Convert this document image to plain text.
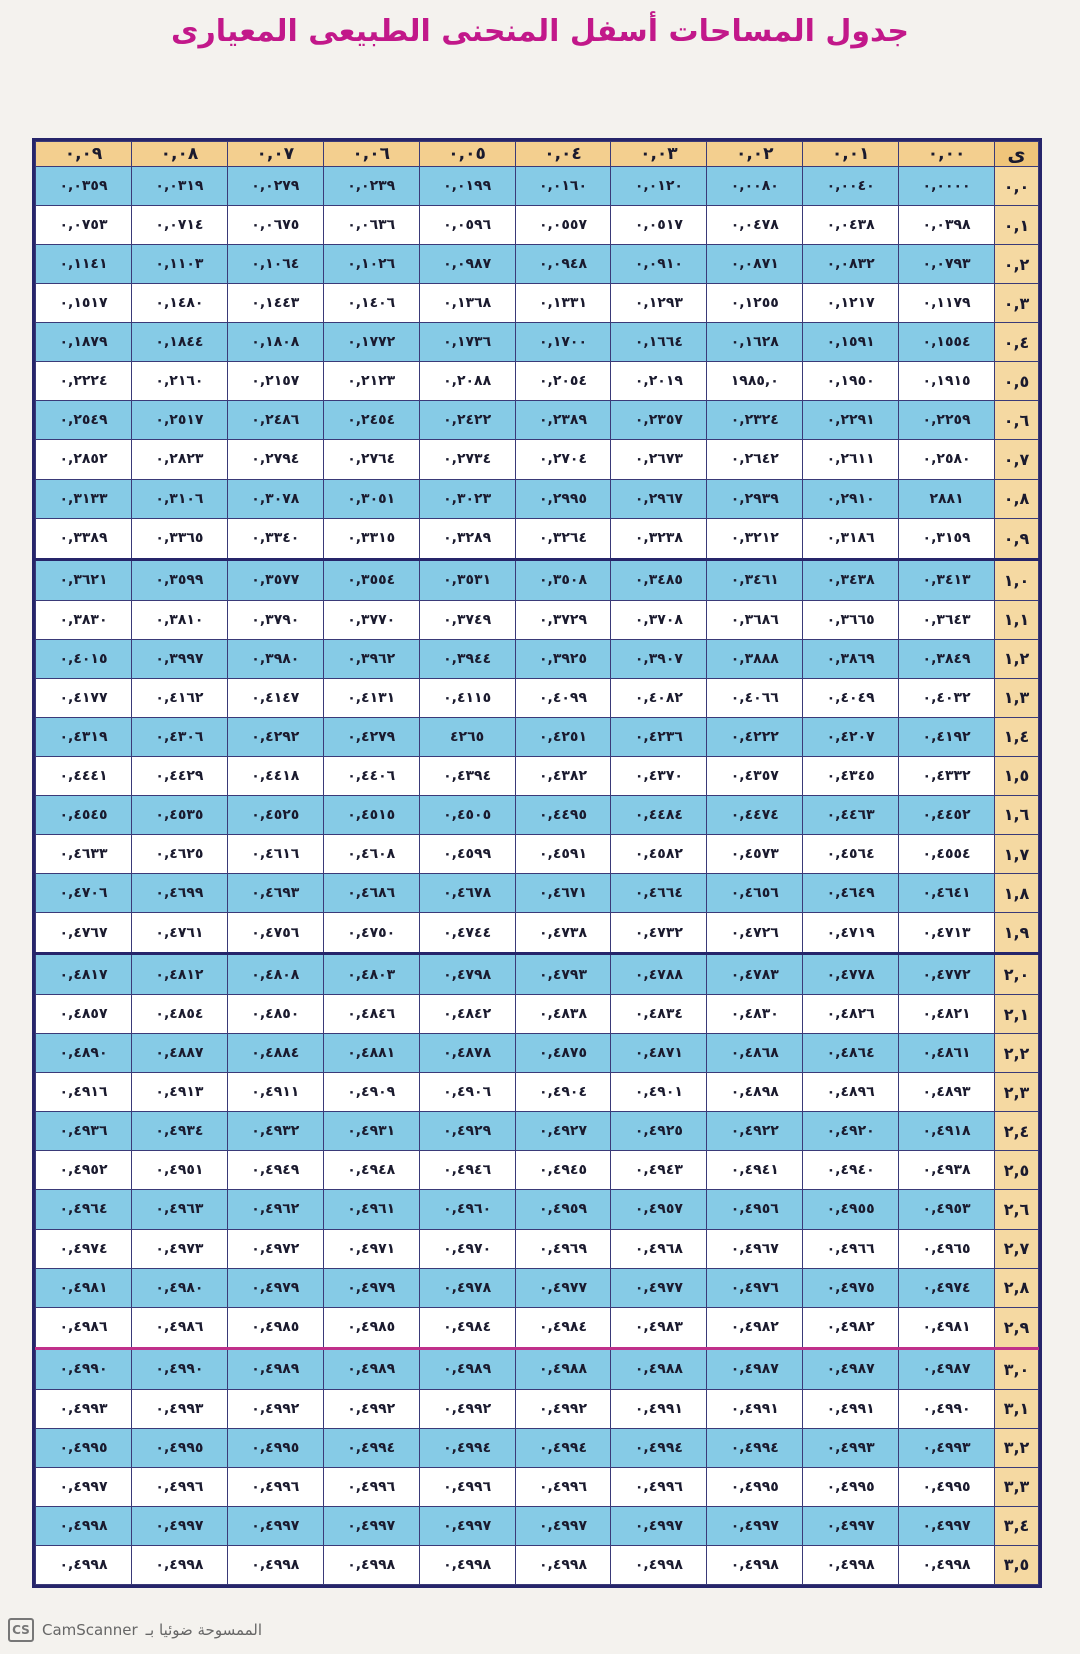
جدول المساحات أسفل المنحنى الطبيعى المعيارى
ى	٠,٠٠	٠,٠١	٠,٠٢	٠,٠٣	٠,٠٤	٠,٠٥	٠,٠٦	٠,٠٧	٠,٠٨	٠,٠٩
٠,٠	٠,٠٠٠٠	٠,٠٠٤٠	٠,٠٠٨٠	٠,٠١٢٠	٠,٠١٦٠	٠,٠١٩٩	٠,٠٢٣٩	٠,٠٢٧٩	٠,٠٣١٩	٠,٠٣٥٩
٠,١	٠,٠٣٩٨	٠,٠٤٣٨	٠,٠٤٧٨	٠,٠٥١٧	٠,٠٥٥٧	٠,٠٥٩٦	٠,٠٦٣٦	٠,٠٦٧٥	٠,٠٧١٤	٠,٠٧٥٣
٠,٢	٠,٠٧٩٣	٠,٠٨٣٢	٠,٠٨٧١	٠,٠٩١٠	٠,٠٩٤٨	٠,٠٩٨٧	٠,١٠٢٦	٠,١٠٦٤	٠,١١٠٣	٠,١١٤١
٠,٣	٠,١١٧٩	٠,١٢١٧	٠,١٢٥٥	٠,١٢٩٣	٠,١٣٣١	٠,١٣٦٨	٠,١٤٠٦	٠,١٤٤٣	٠,١٤٨٠	٠,١٥١٧
٠,٤	٠,١٥٥٤	٠,١٥٩١	٠,١٦٢٨	٠,١٦٦٤	٠,١٧٠٠	٠,١٧٣٦	٠,١٧٧٢	٠,١٨٠٨	٠,١٨٤٤	٠,١٨٧٩
٠,٥	٠,١٩١٥	٠,١٩٥٠	١٩٨٥,٠	٠,٢٠١٩	٠,٢٠٥٤	٠,٢٠٨٨	٠,٢١٢٣	٠,٢١٥٧	٠,٢١٦٠	٠,٢٢٢٤
٠,٦	٠,٢٢٥٩	٠,٢٢٩١	٠,٢٣٢٤	٠,٢٣٥٧	٠,٢٣٨٩	٠,٢٤٢٢	٠,٢٤٥٤	٠,٢٤٨٦	٠,٢٥١٧	٠,٢٥٤٩
٠,٧	٠,٢٥٨٠	٠,٢٦١١	٠,٢٦٤٢	٠,٢٦٧٣	٠,٢٧٠٤	٠,٢٧٣٤	٠,٢٧٦٤	٠,٢٧٩٤	٠,٢٨٢٣	٠,٢٨٥٢
٠,٨	٢٨٨١	٠,٢٩١٠	٠,٢٩٣٩	٠,٢٩٦٧	٠,٢٩٩٥	٠,٣٠٢٣	٠,٣٠٥١	٠,٣٠٧٨	٠,٣١٠٦	٠,٣١٣٣
٠,٩	٠,٣١٥٩	٠,٣١٨٦	٠,٣٢١٢	٠,٣٢٣٨	٠,٣٢٦٤	٠,٣٢٨٩	٠,٣٣١٥	٠,٣٣٤٠	٠,٣٣٦٥	٠,٣٣٨٩
١,٠	٠,٣٤١٣	٠,٣٤٣٨	٠,٣٤٦١	٠,٣٤٨٥	٠,٣٥٠٨	٠,٣٥٣١	٠,٣٥٥٤	٠,٣٥٧٧	٠,٣٥٩٩	٠,٣٦٢١
١,١	٠,٣٦٤٣	٠,٣٦٦٥	٠,٣٦٨٦	٠,٣٧٠٨	٠,٣٧٢٩	٠,٣٧٤٩	٠,٣٧٧٠	٠,٣٧٩٠	٠,٣٨١٠	٠,٣٨٣٠
١,٢	٠,٣٨٤٩	٠,٣٨٦٩	٠,٣٨٨٨	٠,٣٩٠٧	٠,٣٩٢٥	٠,٣٩٤٤	٠,٣٩٦٢	٠,٣٩٨٠	٠,٣٩٩٧	٠,٤٠١٥
١,٣	٠,٤٠٣٢	٠,٤٠٤٩	٠,٤٠٦٦	٠,٤٠٨٢	٠,٤٠٩٩	٠,٤١١٥	٠,٤١٣١	٠,٤١٤٧	٠,٤١٦٢	٠,٤١٧٧
١,٤	٠,٤١٩٢	٠,٤٢٠٧	٠,٤٢٢٢	٠,٤٢٣٦	٠,٤٢٥١	٤٢٦٥	٠,٤٢٧٩	٠,٤٢٩٢	٠,٤٣٠٦	٠,٤٣١٩
١,٥	٠,٤٣٣٢	٠,٤٣٤٥	٠,٤٣٥٧	٠,٤٣٧٠	٠,٤٣٨٢	٠,٤٣٩٤	٠,٤٤٠٦	٠,٤٤١٨	٠,٤٤٢٩	٠,٤٤٤١
١,٦	٠,٤٤٥٢	٠,٤٤٦٣	٠,٤٤٧٤	٠,٤٤٨٤	٠,٤٤٩٥	٠,٤٥٠٥	٠,٤٥١٥	٠,٤٥٢٥	٠,٤٥٣٥	٠,٤٥٤٥
١,٧	٠,٤٥٥٤	٠,٤٥٦٤	٠,٤٥٧٣	٠,٤٥٨٢	٠,٤٥٩١	٠,٤٥٩٩	٠,٤٦٠٨	٠,٤٦١٦	٠,٤٦٢٥	٠,٤٦٣٣
١,٨	٠,٤٦٤١	٠,٤٦٤٩	٠,٤٦٥٦	٠,٤٦٦٤	٠,٤٦٧١	٠,٤٦٧٨	٠,٤٦٨٦	٠,٤٦٩٣	٠,٤٦٩٩	٠,٤٧٠٦
١,٩	٠,٤٧١٣	٠,٤٧١٩	٠,٤٧٢٦	٠,٤٧٣٢	٠,٤٧٣٨	٠,٤٧٤٤	٠,٤٧٥٠	٠,٤٧٥٦	٠,٤٧٦١	٠,٤٧٦٧
٢,٠	٠,٤٧٧٢	٠,٤٧٧٨	٠,٤٧٨٣	٠,٤٧٨٨	٠,٤٧٩٣	٠,٤٧٩٨	٠,٤٨٠٣	٠,٤٨٠٨	٠,٤٨١٢	٠,٤٨١٧
٢,١	٠,٤٨٢١	٠,٤٨٢٦	٠,٤٨٣٠	٠,٤٨٣٤	٠,٤٨٣٨	٠,٤٨٤٢	٠,٤٨٤٦	٠,٤٨٥٠	٠,٤٨٥٤	٠,٤٨٥٧
٢,٢	٠,٤٨٦١	٠,٤٨٦٤	٠,٤٨٦٨	٠,٤٨٧١	٠,٤٨٧٥	٠,٤٨٧٨	٠,٤٨٨١	٠,٤٨٨٤	٠,٤٨٨٧	٠,٤٨٩٠
٢,٣	٠,٤٨٩٣	٠,٤٨٩٦	٠,٤٨٩٨	٠,٤٩٠١	٠,٤٩٠٤	٠,٤٩٠٦	٠,٤٩٠٩	٠,٤٩١١	٠,٤٩١٣	٠,٤٩١٦
٢,٤	٠,٤٩١٨	٠,٤٩٢٠	٠,٤٩٢٢	٠,٤٩٢٥	٠,٤٩٢٧	٠,٤٩٢٩	٠,٤٩٣١	٠,٤٩٣٢	٠,٤٩٣٤	٠,٤٩٣٦
٢,٥	٠,٤٩٣٨	٠,٤٩٤٠	٠,٤٩٤١	٠,٤٩٤٣	٠,٤٩٤٥	٠,٤٩٤٦	٠,٤٩٤٨	٠,٤٩٤٩	٠,٤٩٥١	٠,٤٩٥٢
٢,٦	٠,٤٩٥٣	٠,٤٩٥٥	٠,٤٩٥٦	٠,٤٩٥٧	٠,٤٩٥٩	٠,٤٩٦٠	٠,٤٩٦١	٠,٤٩٦٢	٠,٤٩٦٣	٠,٤٩٦٤
٢,٧	٠,٤٩٦٥	٠,٤٩٦٦	٠,٤٩٦٧	٠,٤٩٦٨	٠,٤٩٦٩	٠,٤٩٧٠	٠,٤٩٧١	٠,٤٩٧٢	٠,٤٩٧٣	٠,٤٩٧٤
٢,٨	٠,٤٩٧٤	٠,٤٩٧٥	٠,٤٩٧٦	٠,٤٩٧٧	٠,٤٩٧٧	٠,٤٩٧٨	٠,٤٩٧٩	٠,٤٩٧٩	٠,٤٩٨٠	٠,٤٩٨١
٢,٩	٠,٤٩٨١	٠,٤٩٨٢	٠,٤٩٨٢	٠,٤٩٨٣	٠,٤٩٨٤	٠,٤٩٨٤	٠,٤٩٨٥	٠,٤٩٨٥	٠,٤٩٨٦	٠,٤٩٨٦
٣,٠	٠,٤٩٨٧	٠,٤٩٨٧	٠,٤٩٨٧	٠,٤٩٨٨	٠,٤٩٨٨	٠,٤٩٨٩	٠,٤٩٨٩	٠,٤٩٨٩	٠,٤٩٩٠	٠,٤٩٩٠
٣,١	٠,٤٩٩٠	٠,٤٩٩١	٠,٤٩٩١	٠,٤٩٩١	٠,٤٩٩٢	٠,٤٩٩٢	٠,٤٩٩٢	٠,٤٩٩٢	٠,٤٩٩٣	٠,٤٩٩٣
٣,٢	٠,٤٩٩٣	٠,٤٩٩٣	٠,٤٩٩٤	٠,٤٩٩٤	٠,٤٩٩٤	٠,٤٩٩٤	٠,٤٩٩٤	٠,٤٩٩٥	٠,٤٩٩٥	٠,٤٩٩٥
٣,٣	٠,٤٩٩٥	٠,٤٩٩٥	٠,٤٩٩٥	٠,٤٩٩٦	٠,٤٩٩٦	٠,٤٩٩٦	٠,٤٩٩٦	٠,٤٩٩٦	٠,٤٩٩٦	٠,٤٩٩٧
٣,٤	٠,٤٩٩٧	٠,٤٩٩٧	٠,٤٩٩٧	٠,٤٩٩٧	٠,٤٩٩٧	٠,٤٩٩٧	٠,٤٩٩٧	٠,٤٩٩٧	٠,٤٩٩٧	٠,٤٩٩٨
٣,٥	٠,٤٩٩٨	٠,٤٩٩٨	٠,٤٩٩٨	٠,٤٩٩٨	٠,٤٩٩٨	٠,٤٩٩٨	٠,٤٩٩٨	٠,٤٩٩٨	٠,٤٩٩٨	٠,٤٩٩٨
CS CamScanner الممسوحة ضوئيا بـ
